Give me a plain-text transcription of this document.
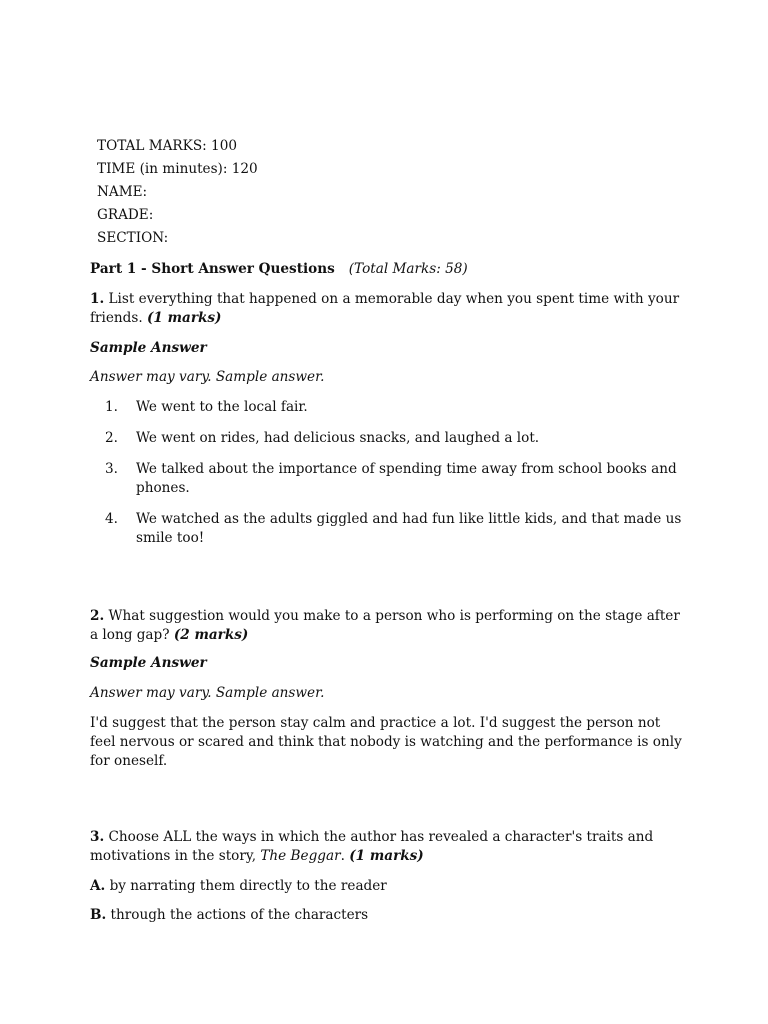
TOTAL MARKS: 100
TIME (in minutes): 120
NAME:
GRADE:
SECTION:
Part 1 - Short Answer Questions (Total Marks: 58)
1. List everything that happened on a memorable day when you spent time with your friends. (1 marks)
Sample Answer
Answer may vary. Sample answer.
1. We went to the local fair.
2. We went on rides, had delicious snacks, and laughed a lot.
3. We talked about the importance of spending time away from school books and phones.
4. We watched as the adults giggled and had fun like little kids, and that made us smile too!
2. What suggestion would you make to a person who is performing on the stage after a long gap? (2 marks)
Sample Answer
Answer may vary. Sample answer.
I'd suggest that the person stay calm and practice a lot. I'd suggest the person not feel nervous or scared and think that nobody is watching and the performance is only for oneself.
3. Choose ALL the ways in which the author has revealed a character's traits and motivations in the story, The Beggar. (1 marks)
A. by narrating them directly to the reader
B. through the actions of the characters
